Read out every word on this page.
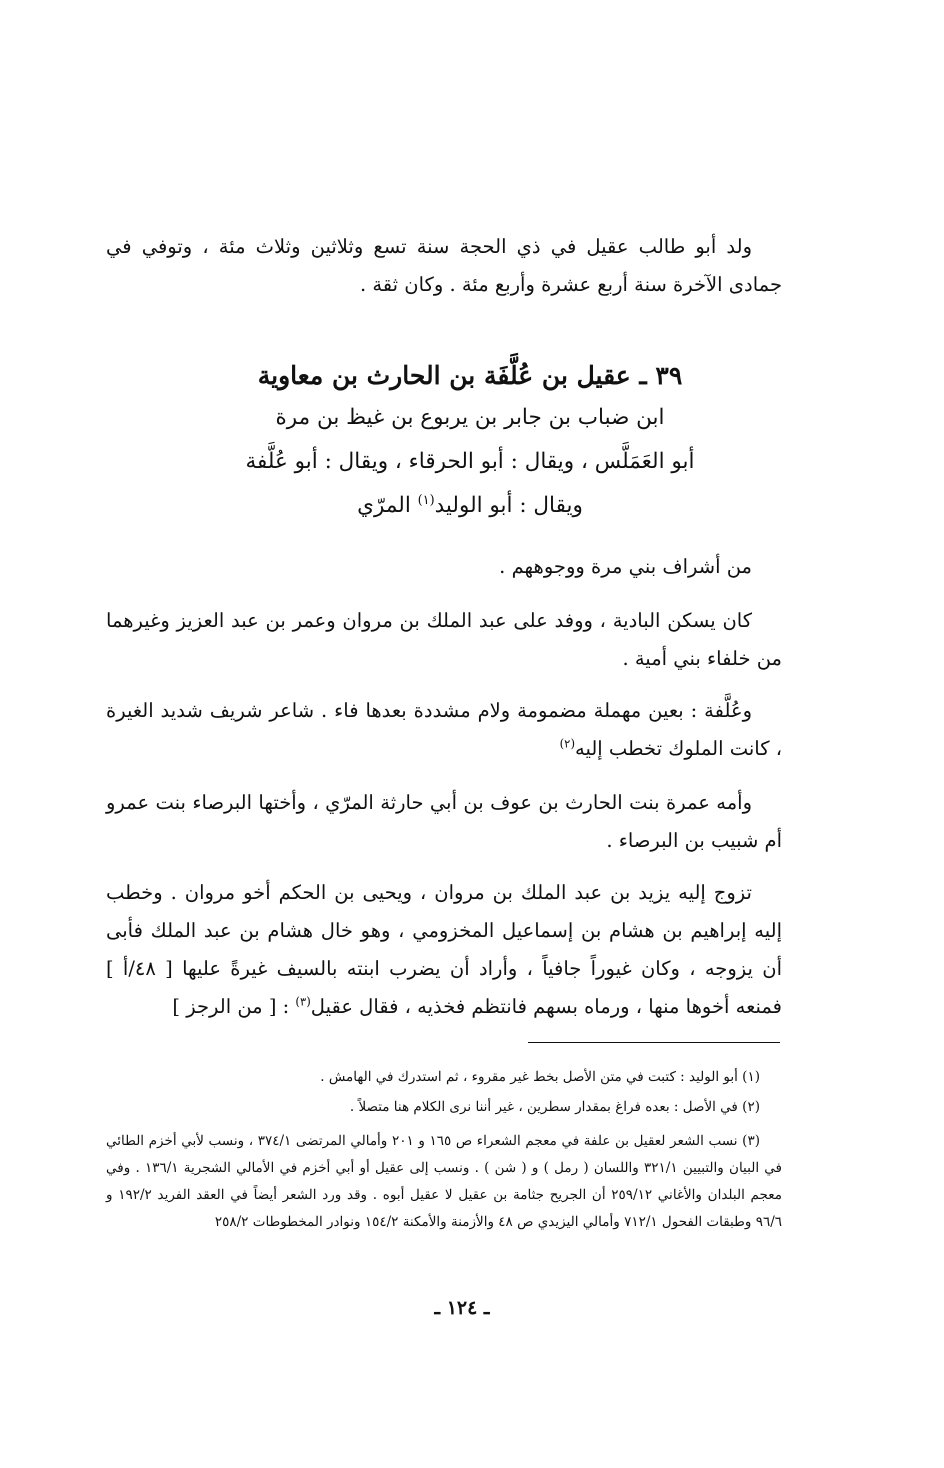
ولد أبو طالب عقيل في ذي الحجة سنة تسع وثلاثين وثلاث مئة ، وتوفي في جمادى الآخرة سنة أربع عشرة وأربع مئة . وكان ثقة .
٣٩ ـ عقيل بن عُلَّفَة بن الحارث بن معاوية
ابن ضباب بن جابر بن يربوع بن غيظ بن مرة
أبو العَمَلَّس ، ويقال : أبو الحرقاء ، ويقال : أبو عُلَّفة
ويقال : أبو الوليد$^{(١)}$ المرّي
من أشراف بني مرة ووجوههم .
كان يسكن البادية ، ووفد على عبد الملك بن مروان وعمر بن عبد العزيز وغيرهما من خلفاء بني أمية .
وعُلَّفة : بعين مهملة مضمومة ولام مشددة بعدها فاء . شاعر شريف شديد الغيرة ، كانت الملوك تخطب إليه$^{(٢)}$
وأمه عمرة بنت الحارث بن عوف بن أبي حارثة المرّي ، وأختها البرصاء بنت عمرو أم شبيب بن البرصاء .
تزوج إليه يزيد بن عبد الملك بن مروان ، ويحيى بن الحكم أخو مروان . وخطب إليه إبراهيم بن هشام بن إسماعيل المخزومي ، وهو خال هشام بن عبد الملك فأبى أن يزوجه ، وكان غيوراً جافياً ، وأراد أن يضرب ابنته بالسيف غيرةً عليها [ ٤٨/أ ] فمنعه أخوها منها ، ورماه بسهم فانتظم فخذيه ، فقال عقيل$^{(٣)}$ : [ من الرجز ]
(١) أبو الوليد : كتبت في متن الأصل بخط غير مقروء ، ثم استدرك في الهامش .
(٢) في الأصل : بعده فراغ بمقدار سطرين ، غير أننا نرى الكلام هنا متصلاً .
(٣) نسب الشعر لعقيل بن علفة في معجم الشعراء ص ١٦٥ و ٢٠١ وأمالي المرتضى ٣٧٤/١ ، ونسب لأبي أخزم الطائي في البيان والتبيين ٣٢١/١ واللسان ( رمل ) و ( شن ) . ونسب إلى عقيل أو أبي أخزم في الأمالي الشجرية ١٣٦/١ . وفي معجم البلدان والأغاني ٢٥٩/١٢ أن الجريح جثامة بن عقيل لا عقيل أبوه . وقد ورد الشعر أيضاً في العقد الفريد ١٩٢/٢ و ٩٦/٦ وطبقات الفحول ٧١٢/١ وأمالي اليزيدي ص ٤٨ والأزمنة والأمكنة ١٥٤/٢ ونوادر المخطوطات ٢٥٨/٢
ـ ١٢٤ ـ
